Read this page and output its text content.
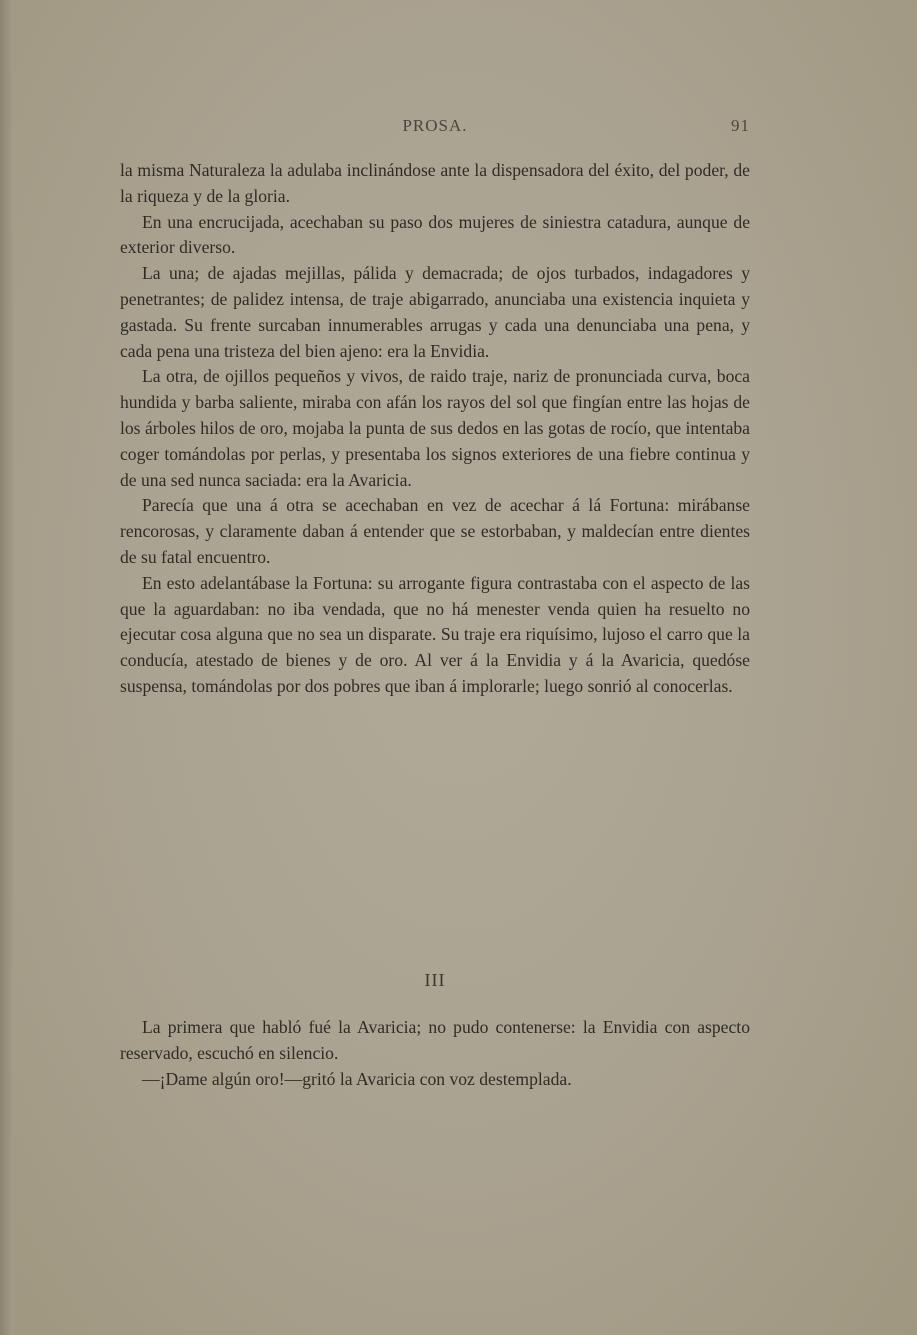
PROSA.	91

la misma Naturaleza la adulaba inclinándose ante la dispensadora del éxito, del poder, de la riqueza y de la gloria.

En una encrucijada, acechaban su paso dos mujeres de siniestra catadura, aunque de exterior diverso.

La una; de ajadas mejillas, pálida y demacrada; de ojos turbados, indagadores y penetrantes; de palidez intensa, de traje abigarrado, anunciaba una existencia inquieta y gastada. Su frente surcaban innumerables arrugas y cada una denunciaba una pena, y cada pena una tristeza del bien ajeno: era la Envidia.

La otra, de ojillos pequeños y vivos, de raido traje, nariz de pronunciada curva, boca hundida y barba saliente, miraba con afán los rayos del sol que fingían entre las hojas de los árboles hilos de oro, mojaba la punta de sus dedos en las gotas de rocío, que intentaba coger tomándolas por perlas, y presentaba los signos exteriores de una fiebre continua y de una sed nunca saciada: era la Avaricia.

Parecía que una á otra se acechaban en vez de acechar á lá Fortuna: mirábanse rencorosas, y claramente daban á entender que se estorbaban, y maldecían entre dientes de su fatal encuentro.

En esto adelantábase la Fortuna: su arrogante figura contrastaba con el aspecto de las que la aguardaban: no iba vendada, que no há menester venda quien ha resuelto no ejecutar cosa alguna que no sea un disparate. Su traje era riquísimo, lujoso el carro que la conducía, atestado de bienes y de oro. Al ver á la Envidia y á la Avaricia, quedóse suspensa, tomándolas por dos pobres que iban á implorarle; luego sonrió al conocerlas.

III

La primera que habló fué la Avaricia; no pudo contenerse: la Envidia con aspecto reservado, escuchó en silencio.

—¡Dame algún oro!—gritó la Avaricia con voz destemplada.
